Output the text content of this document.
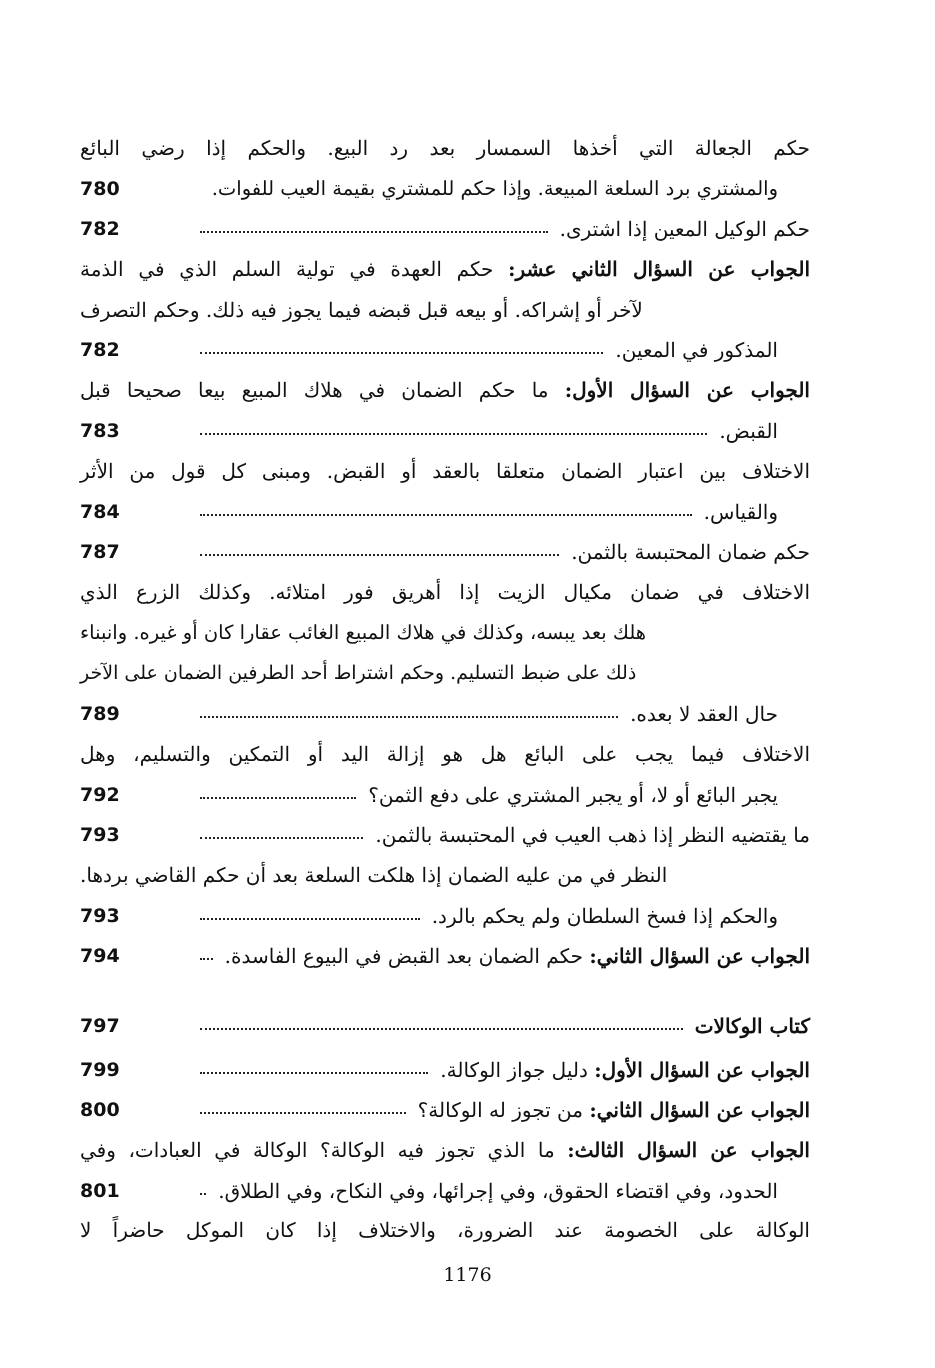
حكم الجعالة التي أخذها السمسار بعد رد البيع. والحكم إذا رضي البائع
والمشتري برد السلعة المبيعة. وإذا حكم للمشتري بقيمة العيب للفوات.
780
حكم الوكيل المعين إذا اشترى.
782
الجواب عن السؤال الثاني عشر: حكم العهدة في تولية السلم الذي في الذمة
لآخر أو إشراكه. أو بيعه قبل قبضه فيما يجوز فيه ذلك. وحكم التصرف
المذكور في المعين.
782
الجواب عن السؤال الأول: ما حكم الضمان في هلاك المبيع بيعا صحيحا قبل
القبض.
783
الاختلاف بين اعتبار الضمان متعلقا بالعقد أو القبض. ومبنى كل قول من الأثر
والقياس.
784
حكم ضمان المحتبسة بالثمن.
787
الاختلاف في ضمان مكيال الزيت إذا أهريق فور امتلائه. وكذلك الزرع الذي
هلك بعد يبسه، وكذلك في هلاك المبيع الغائب عقارا كان أو غيره. وانبناء
ذلك على ضبط التسليم. وحكم اشتراط أحد الطرفين الضمان على الآخر
حال العقد لا بعده.
789
الاختلاف فيما يجب على البائع هل هو إزالة اليد أو التمكين والتسليم، وهل
يجبر البائع أو لا، أو يجبر المشتري على دفع الثمن؟
792
ما يقتضيه النظر إذا ذهب العيب في المحتبسة بالثمن.
793
النظر في من عليه الضمان إذا هلكت السلعة بعد أن حكم القاضي بردها.
والحكم إذا فسخ السلطان ولم يحكم بالرد.
793
الجواب عن السؤال الثاني: حكم الضمان بعد القبض في البيوع الفاسدة.
794
كتاب الوكالات
797
الجواب عن السؤال الأول: دليل جواز الوكالة.
799
الجواب عن السؤال الثاني: من تجوز له الوكالة؟
800
الجواب عن السؤال الثالث: ما الذي تجوز فيه الوكالة؟ الوكالة في العبادات، وفي
الحدود، وفي اقتضاء الحقوق، وفي إجرائها، وفي النكاح، وفي الطلاق.
801
الوكالة على الخصومة عند الضرورة، والاختلاف إذا كان الموكل حاضراً لا
1176
